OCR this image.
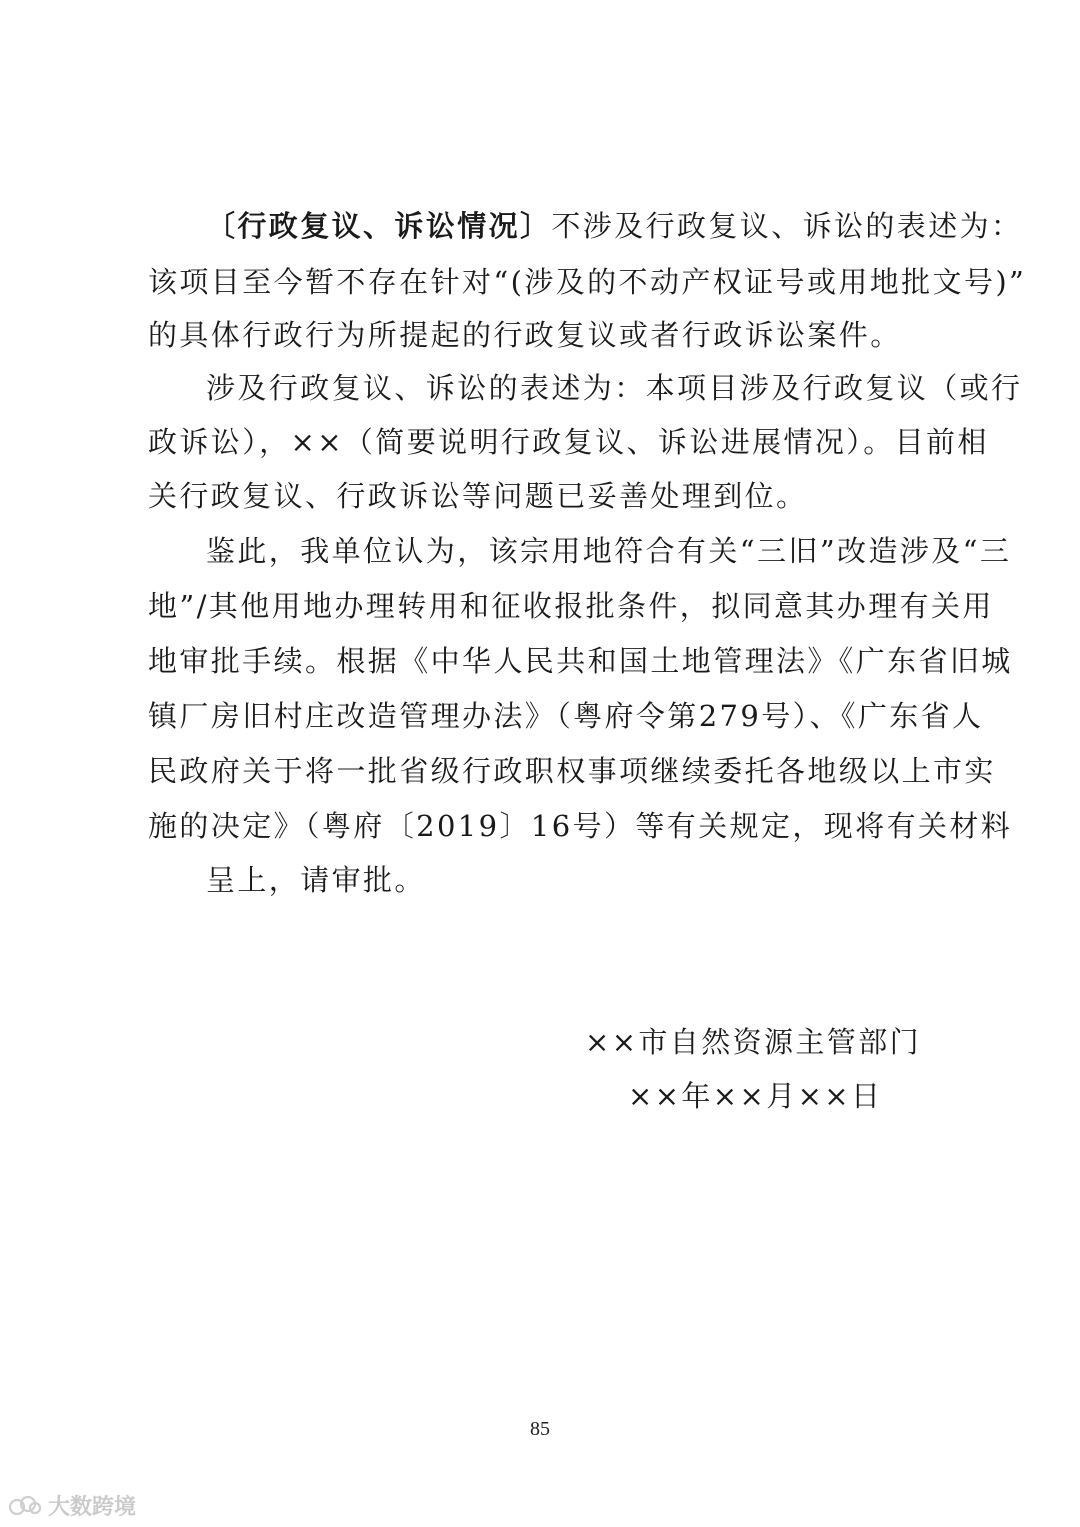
〔行政复议、诉讼情况〕不涉及行政复议、诉讼的表述为：
该项目至今暂不存在针对“(涉及的不动产权证号或用地批文号)”
的具体行政行为所提起的行政复议或者行政诉讼案件。
涉及行政复议、诉讼的表述为：本项目涉及行政复议（或行
政诉讼），××（简要说明行政复议、诉讼进展情况）。目前相
关行政复议、行政诉讼等问题已妥善处理到位。
鉴此，我单位认为，该宗用地符合有关“三旧”改造涉及“三
地”/其他用地办理转用和征收报批条件，拟同意其办理有关用
地审批手续。根据《中华人民共和国土地管理法》《广东省旧城
镇厂房旧村庄改造管理办法》（粤府令第279号）、《广东省人
民政府关于将一批省级行政职权事项继续委托各地级以上市实
施的决定》（粤府〔2019〕16号）等有关规定，现将有关材料
呈上，请审批。
××市自然资源主管部门
××年××月××日
85
大数跨境
